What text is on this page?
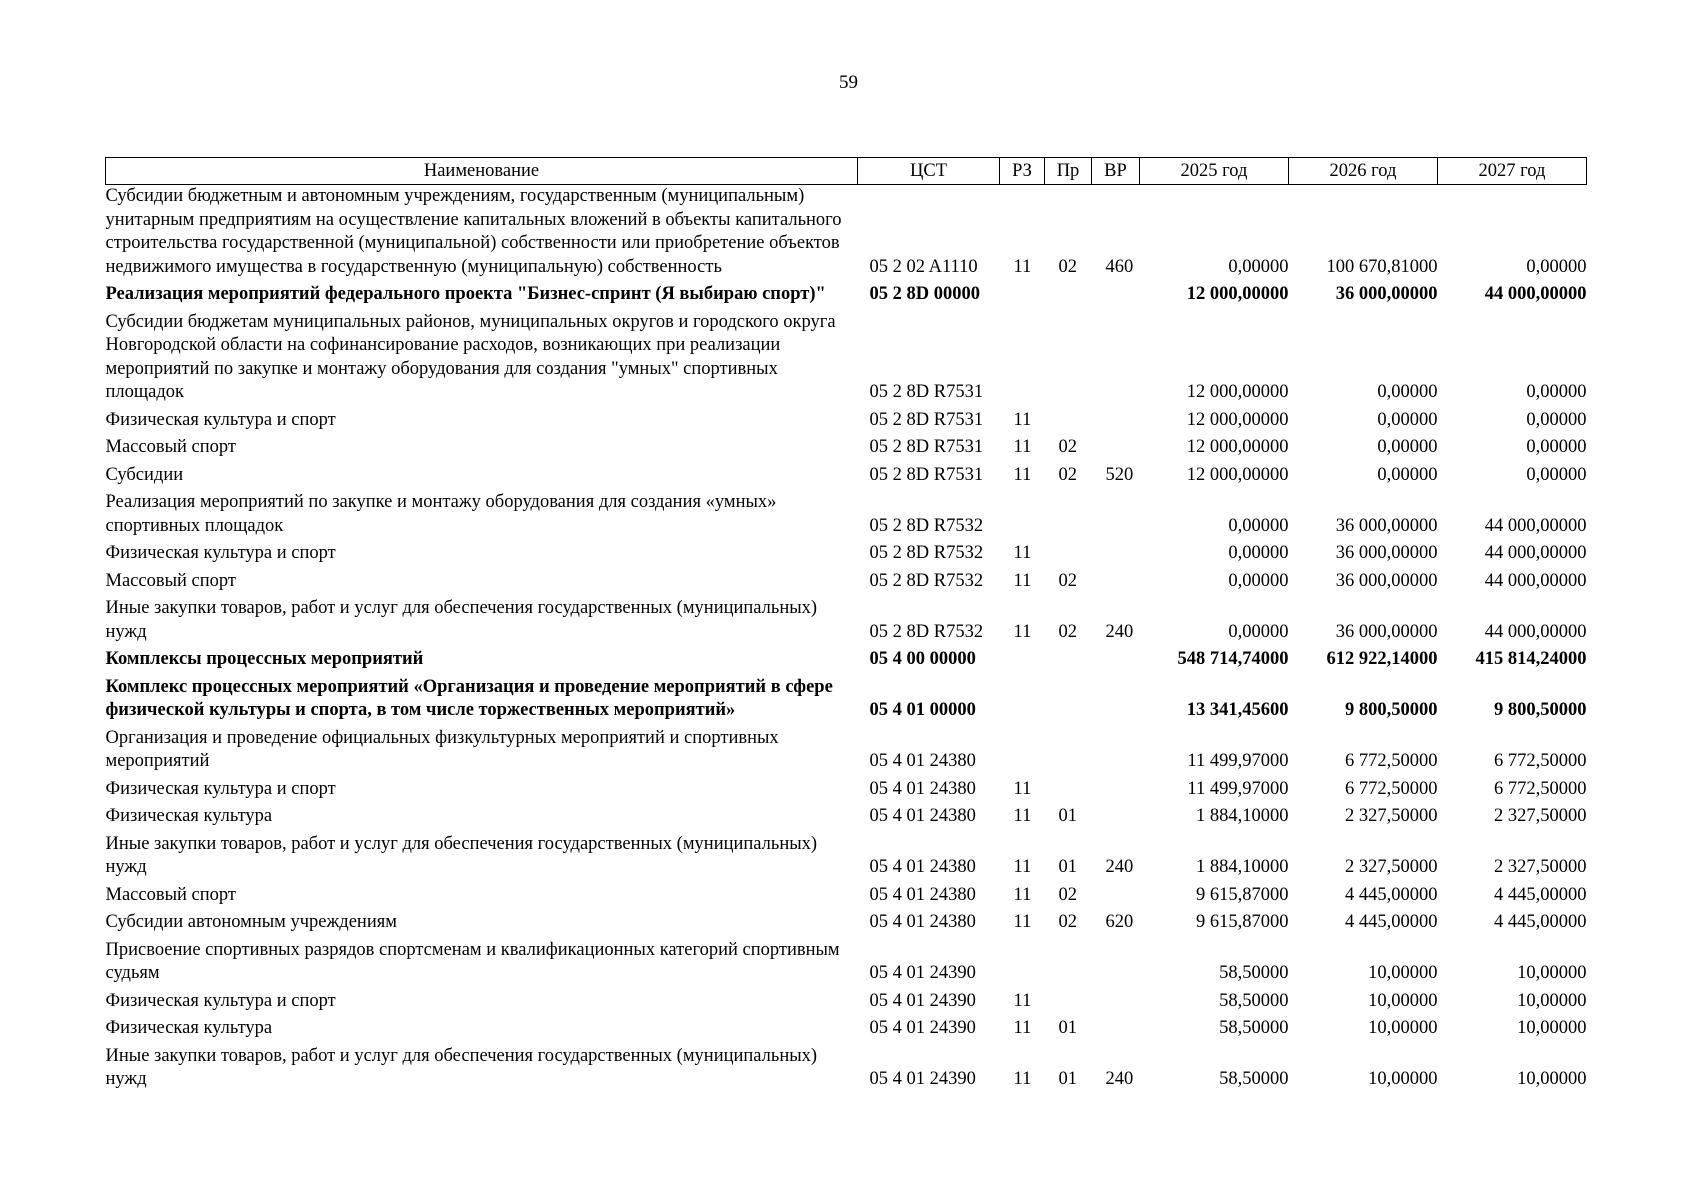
59
Наименование	ЦСТ	РЗ	Пр	ВР	2025 год	2026 год	2027 год
Субсидии бюджетным и автономным учреждениям, государственным (муниципальным) унитарным предприятиям на осуществление капитальных вложений в объекты капитального строительства государственной (муниципальной) собственности или приобретение объектов недвижимого имущества в государственную (муниципальную) собственность	05 2 02 A1110	11	02	460	0,00000	100 670,81000	0,00000
Реализация мероприятий федерального проекта "Бизнес-спринт (Я выбираю спорт)"	05 2 8D 00000				12 000,00000	36 000,00000	44 000,00000
Субсидии бюджетам муниципальных районов, муниципальных округов и городского округа Новгородской области на софинансирование расходов, возникающих при реализации мероприятий по закупке и монтажу оборудования для создания "умных" спортивных площадок	05 2 8D R7531				12 000,00000	0,00000	0,00000
Физическая культура и спорт	05 2 8D R7531	11			12 000,00000	0,00000	0,00000
Массовый спорт	05 2 8D R7531	11	02		12 000,00000	0,00000	0,00000
Субсидии	05 2 8D R7531	11	02	520	12 000,00000	0,00000	0,00000
Реализация мероприятий по закупке и монтажу оборудования для создания «умных» спортивных площадок	05 2 8D R7532				0,00000	36 000,00000	44 000,00000
Физическая культура и спорт	05 2 8D R7532	11			0,00000	36 000,00000	44 000,00000
Массовый спорт	05 2 8D R7532	11	02		0,00000	36 000,00000	44 000,00000
Иные закупки товаров, работ и услуг для обеспечения государственных (муниципальных) нужд	05 2 8D R7532	11	02	240	0,00000	36 000,00000	44 000,00000
Комплексы процессных мероприятий	05 4 00 00000				548 714,74000	612 922,14000	415 814,24000
Комплекс процессных мероприятий «Организация и проведение мероприятий в сфере физической культуры и спорта, в том числе торжественных мероприятий»	05 4 01 00000				13 341,45600	9 800,50000	9 800,50000
Организация и проведение официальных физкультурных мероприятий и спортивных мероприятий	05 4 01 24380				11 499,97000	6 772,50000	6 772,50000
Физическая культура и спорт	05 4 01 24380	11			11 499,97000	6 772,50000	6 772,50000
Физическая культура	05 4 01 24380	11	01		1 884,10000	2 327,50000	2 327,50000
Иные закупки товаров, работ и услуг для обеспечения государственных (муниципальных) нужд	05 4 01 24380	11	01	240	1 884,10000	2 327,50000	2 327,50000
Массовый спорт	05 4 01 24380	11	02		9 615,87000	4 445,00000	4 445,00000
Субсидии автономным учреждениям	05 4 01 24380	11	02	620	9 615,87000	4 445,00000	4 445,00000
Присвоение спортивных разрядов спортсменам и квалификационных категорий спортивным судьям	05 4 01 24390				58,50000	10,00000	10,00000
Физическая культура и спорт	05 4 01 24390	11			58,50000	10,00000	10,00000
Физическая культура	05 4 01 24390	11	01		58,50000	10,00000	10,00000
Иные закупки товаров, работ и услуг для обеспечения государственных (муниципальных) нужд	05 4 01 24390	11	01	240	58,50000	10,00000	10,00000
